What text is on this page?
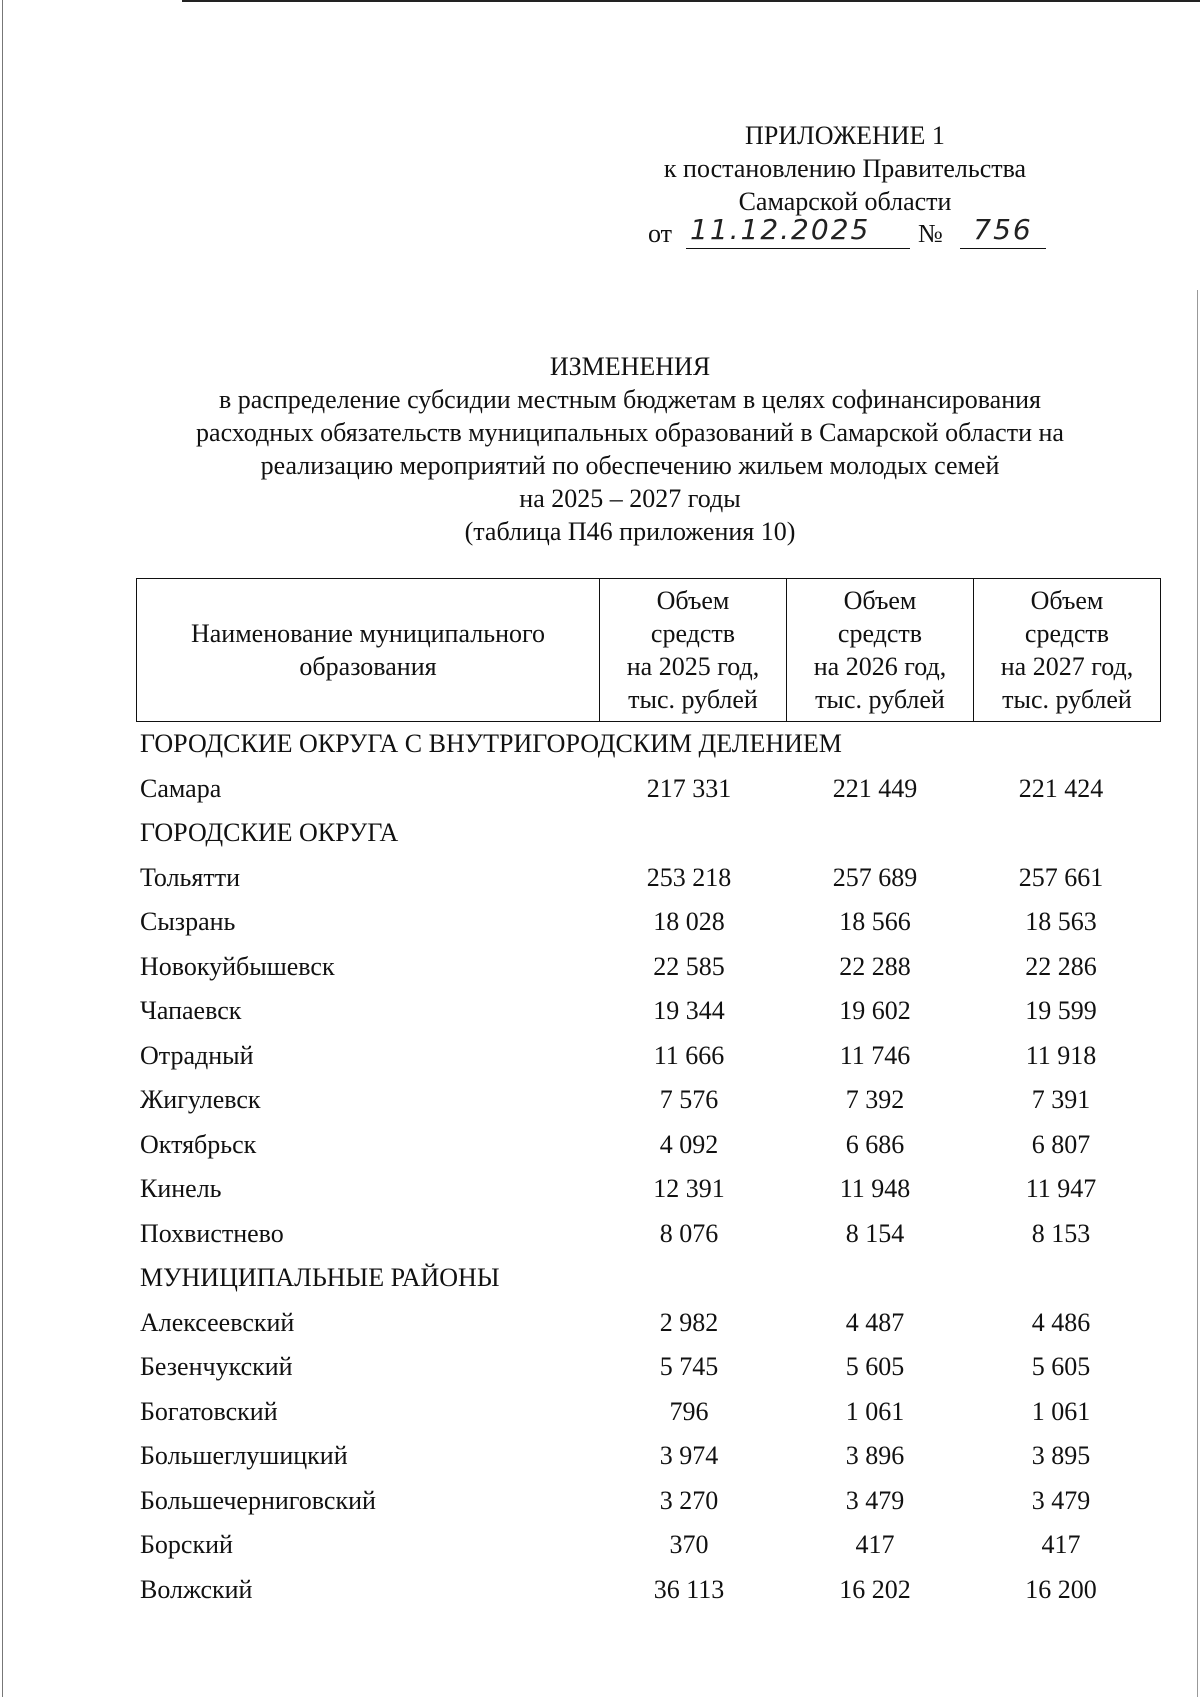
ПРИЛОЖЕНИЕ 1
к постановлению Правительства
Самарской области
от 11.12.2025	№	756
ИЗМЕНЕНИЯ
в распределение субсидии местным бюджетам в целях софинансирования
расходных обязательств муниципальных образований в Самарской области на
реализацию мероприятий по обеспечению жильем молодых семей
на 2025 – 2027 годы
(таблица П46 приложения 10)
Наименование муниципального образования	
Объем
средств
на 2025 год,
тыс. рублей

Объем
средств
на 2026 год,
тыс. рублей

Объем
средств
на 2027 год,
тыс. рублей
ГОРОДСКИЕ ОКРУГА С ВНУТРИГОРОДСКИМ ДЕЛЕНИЕМ
Самара	217 331	221 449	221 424
ГОРОДСКИЕ ОКРУГА
Тольятти	253 218	257 689	257 661
Сызрань	18 028	18 566	18 563
Новокуйбышевск	22 585	22 288	22 286
Чапаевск	19 344	19 602	19 599
Отрадный	11 666	11 746	11 918
Жигулевск	7 576	7 392	7 391
Октябрьск	4 092	6 686	6 807
Кинель	12 391	11 948	11 947
Похвистнево	8 076	8 154	8 153
МУНИЦИПАЛЬНЫЕ РАЙОНЫ
Алексеевский	2 982	4 487	4 486
Безенчукский	5 745	5 605	5 605
Богатовский	796	1 061	1 061
Большеглушицкий	3 974	3 896	3 895
Большечерниговский	3 270	3 479	3 479
Борский	370	417	417
Волжский	36 113	16 202	16 200
